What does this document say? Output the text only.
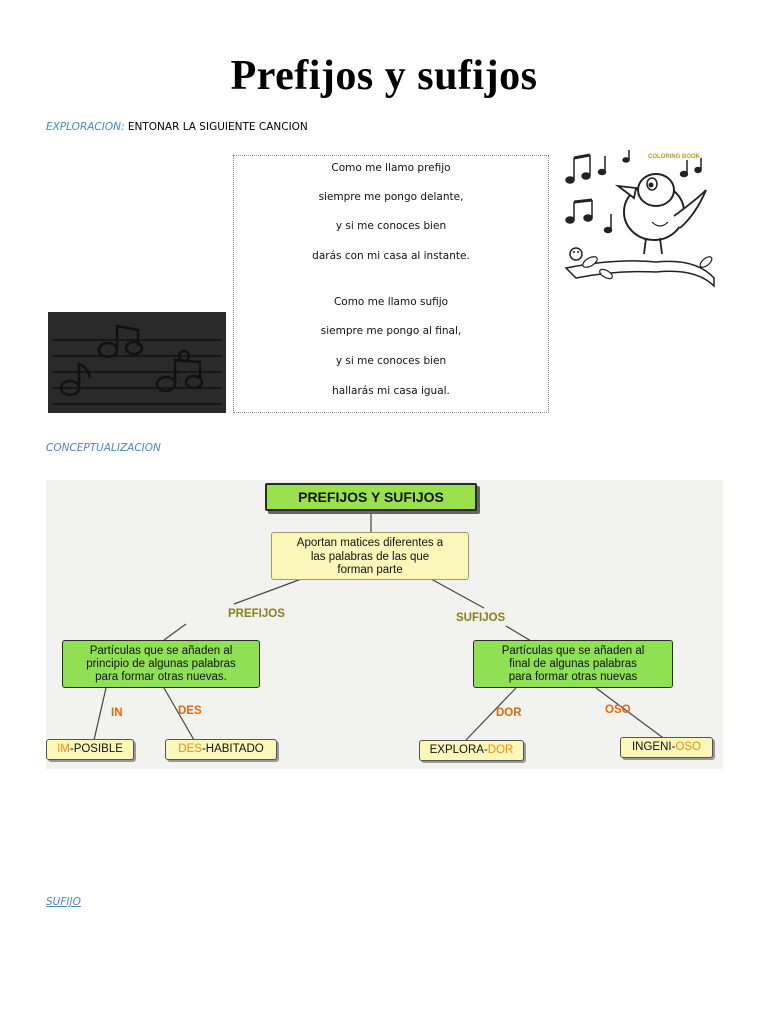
Prefijos y sufijos
EXPLORACION: ENTONAR LA SIGUIENTE CANCION
Como me llamo prefijo
siempre me pongo delante,
y si me conoces bien
darás con mi casa al instante.
Como me llamo sufijo
siempre me pongo al final,
y si me conoces bien
hallarás mi casa igual.
COLORING BOOK
CONCEPTUALIZACION
PREFIJOS Y SUFIJOS
Aportan matices diferentes a
las palabras de las que
forman parte
PREFIJOS	SUFIJOS
Partículas que se añaden al
principio de algunas palabras
para formar otras nuevas.
Partículas que se añaden al
final de algunas palabras
para formar otras nuevas
IN	DES	DOR	OSO
IM-POSIBLE	DES-HABITADO	EXPLORA-DOR	INGENI-OSO
SUFIJO
